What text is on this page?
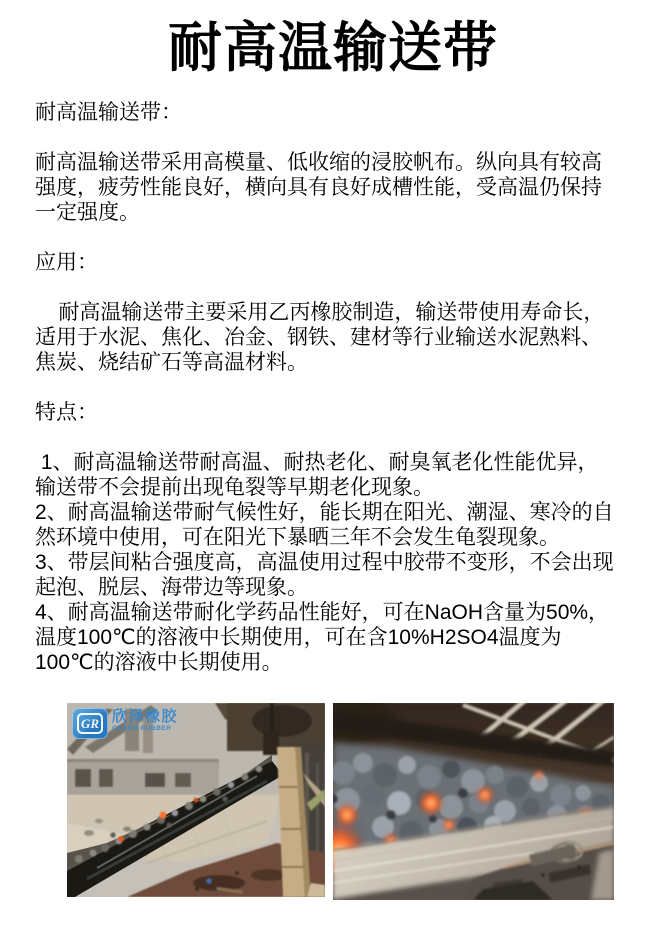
耐高温输送带

耐高温输送带：

耐高温输送带采用高模量、低收缩的浸胶帆布。纵向具有较高强度，疲劳性能良好，横向具有良好成槽性能，受高温仍保持一定强度。

应用：

耐高温输送带主要采用乙丙橡胶制造，输送带使用寿命长，适用于水泥、焦化、冶金、钢铁、建材等行业输送水泥熟料、焦炭、烧结矿石等高温材料。

特点：

1、耐高温输送带耐高温、耐热老化、耐臭氧老化性能优异，输送带不会提前出现龟裂等早期老化现象。

2、耐高温输送带耐气候性好，能长期在阳光、潮湿、寒冷的自然环境中使用，可在阳光下暴晒三年不会发生龟裂现象。

3、带层间粘合强度高，高温使用过程中胶带不变形，不会出现起泡、脱层、海带边等现象。

4、耐高温输送带耐化学药品性能好，可在NaOH含量为50%，温度100℃的溶液中长期使用，可在含10%H2SO4温度为100℃的溶液中长期使用。

GR 欣泽橡胶
GRAND RUBBER
